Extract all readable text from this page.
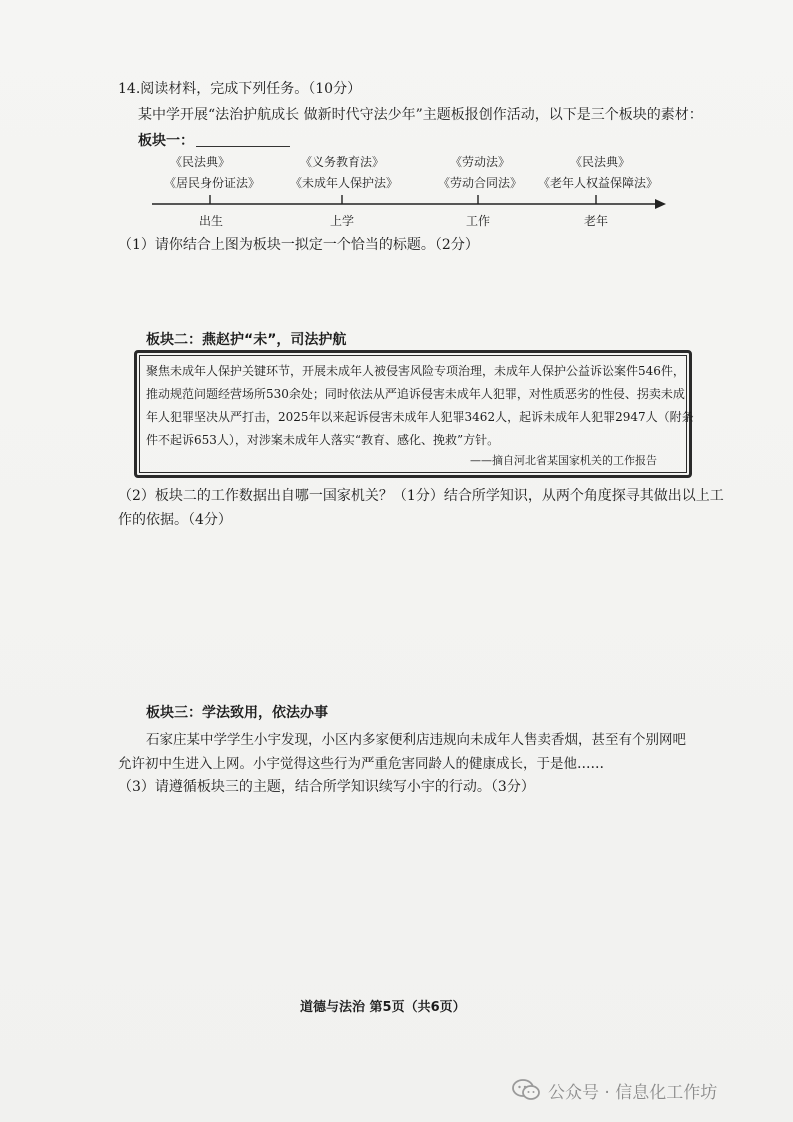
14.阅读材料，完成下列任务。（10分）
某中学开展“法治护航成长 做新时代守法少年”主题板报创作活动，以下是三个板块的素材：
板块一：
《民法典》
《居民身份证法》
《义务教育法》
《未成年人保护法》
《劳动法》
《劳动合同法》
《民法典》
《老年人权益保障法》
出生	上学	工作	老年
（1）请你结合上图为板块一拟定一个恰当的标题。（2分）
板块二：燕赵护“未”，司法护航
聚焦未成年人保护关键环节，开展未成年人被侵害风险专项治理，未成年人保护公益诉讼案件546件，
推动规范问题经营场所530余处；同时依法从严追诉侵害未成年人犯罪，对性质恶劣的性侵、拐卖未成
年人犯罪坚决从严打击，2025年以来起诉侵害未成年人犯罪3462人，起诉未成年人犯罪2947人（附条
件不起诉653人），对涉案未成年人落实“教育、感化、挽救”方针。
——摘自河北省某国家机关的工作报告
（2）板块二的工作数据出自哪一国家机关？（1分）结合所学知识，从两个角度探寻其做出以上工
作的依据。（4分）
板块三：学法致用，依法办事
石家庄某中学学生小宇发现，小区内多家便利店违规向未成年人售卖香烟，甚至有个别网吧
允许初中生进入上网。小宇觉得这些行为严重危害同龄人的健康成长，于是他……
（3）请遵循板块三的主题，结合所学知识续写小宇的行动。（3分）
道德与法治 第5页（共6页）
公众号 · 信息化工作坊
